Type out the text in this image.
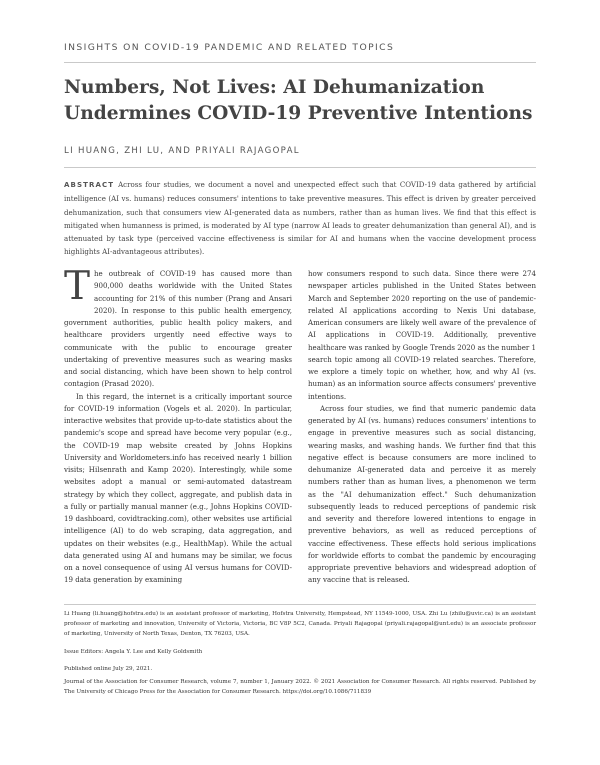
INSIGHTS ON COVID-19 PANDEMIC AND RELATED TOPICS
Numbers, Not Lives: AI Dehumanization Undermines COVID-19 Preventive Intentions
LI HUANG, ZHI LU, AND PRIYALI RAJAGOPAL

ABSTRACT Across four studies, we document a novel and unexpected effect such that COVID-19 data gathered by artificial intelligence (AI vs. humans) reduces consumers' intentions to take preventive measures. This effect is driven by greater perceived dehumanization, such that consumers view AI-generated data as numbers, rather than as human lives. We find that this effect is mitigated when humanness is primed, is moderated by AI type (narrow AI leads to greater dehumanization than general AI), and is attenuated by task type (perceived vaccine effectiveness is similar for AI and humans when the vaccine development process highlights AI-advantageous attributes).

The outbreak of COVID-19 has caused more than 900,000 deaths worldwide with the United States accounting for 21% of this number (Prang and Ansari 2020). In response to this public health emergency, government authorities, public health policy makers, and healthcare providers urgently need effective ways to communicate with the public to encourage greater undertaking of preventive measures such as wearing masks and social distancing, which have been shown to help control contagion (Prasad 2020).

In this regard, the internet is a critically important source for COVID-19 information (Vogels et al. 2020). In particular, interactive websites that provide up-to-date statistics about the pandemic's scope and spread have become very popular (e.g., the COVID-19 map website created by Johns Hopkins University and Worldometers.info has received nearly 1 billion visits; Hilsenrath and Kamp 2020). Interestingly, while some websites adopt a manual or semi-automated datastream strategy by which they collect, aggregate, and publish data in a fully or partially manual manner (e.g., Johns Hopkins COVID-19 dashboard, covidtracking.com), other websites use artificial intelligence (AI) to do web scraping, data aggregation, and updates on their websites (e.g., HealthMap). While the actual data generated using AI and humans may be similar, we focus on a novel consequence of using AI versus humans for COVID-19 data generation by examining

how consumers respond to such data. Since there were 274 newspaper articles published in the United States between March and September 2020 reporting on the use of pandemic-related AI applications according to Nexis Uni database, American consumers are likely well aware of the prevalence of AI applications in COVID-19. Additionally, preventive healthcare was ranked by Google Trends 2020 as the number 1 search topic among all COVID-19 related searches. Therefore, we explore a timely topic on whether, how, and why AI (vs. human) as an information source affects consumers' preventive intentions.

Across four studies, we find that numeric pandemic data generated by AI (vs. humans) reduces consumers' intentions to engage in preventive measures such as social distancing, wearing masks, and washing hands. We further find that this negative effect is because consumers are more inclined to dehumanize AI-generated data and perceive it as merely numbers rather than as human lives, a phenomenon we term as the "AI dehumanization effect." Such dehumanization subsequently leads to reduced perceptions of pandemic risk and severity and therefore lowered intentions to engage in preventive behaviors, as well as reduced perceptions of vaccine effectiveness. These effects hold serious implications for worldwide efforts to combat the pandemic by encouraging appropriate preventive behaviors and widespread adoption of any vaccine that is released.

Li Huang (li.huang@hofstra.edu) is an assistant professor of marketing, Hofstra University, Hempstead, NY 11549-1000, USA. Zhi Lu (zhilu@uvic.ca) is an assistant professor of marketing and innovation, University of Victoria, Victoria, BC V8P 5C2, Canada. Priyali Rajagopal (priyali.rajagopal@unt.edu) is an associate professor of marketing, University of North Texas, Denton, TX 76203, USA.

Issue Editors: Angela Y. Lee and Kelly Goldsmith

Published online July 29, 2021.

Journal of the Association for Consumer Research, volume 7, number 1, January 2022. © 2021 Association for Consumer Research. All rights reserved. Published by The University of Chicago Press for the Association for Consumer Research. https://doi.org/10.1086/711839
